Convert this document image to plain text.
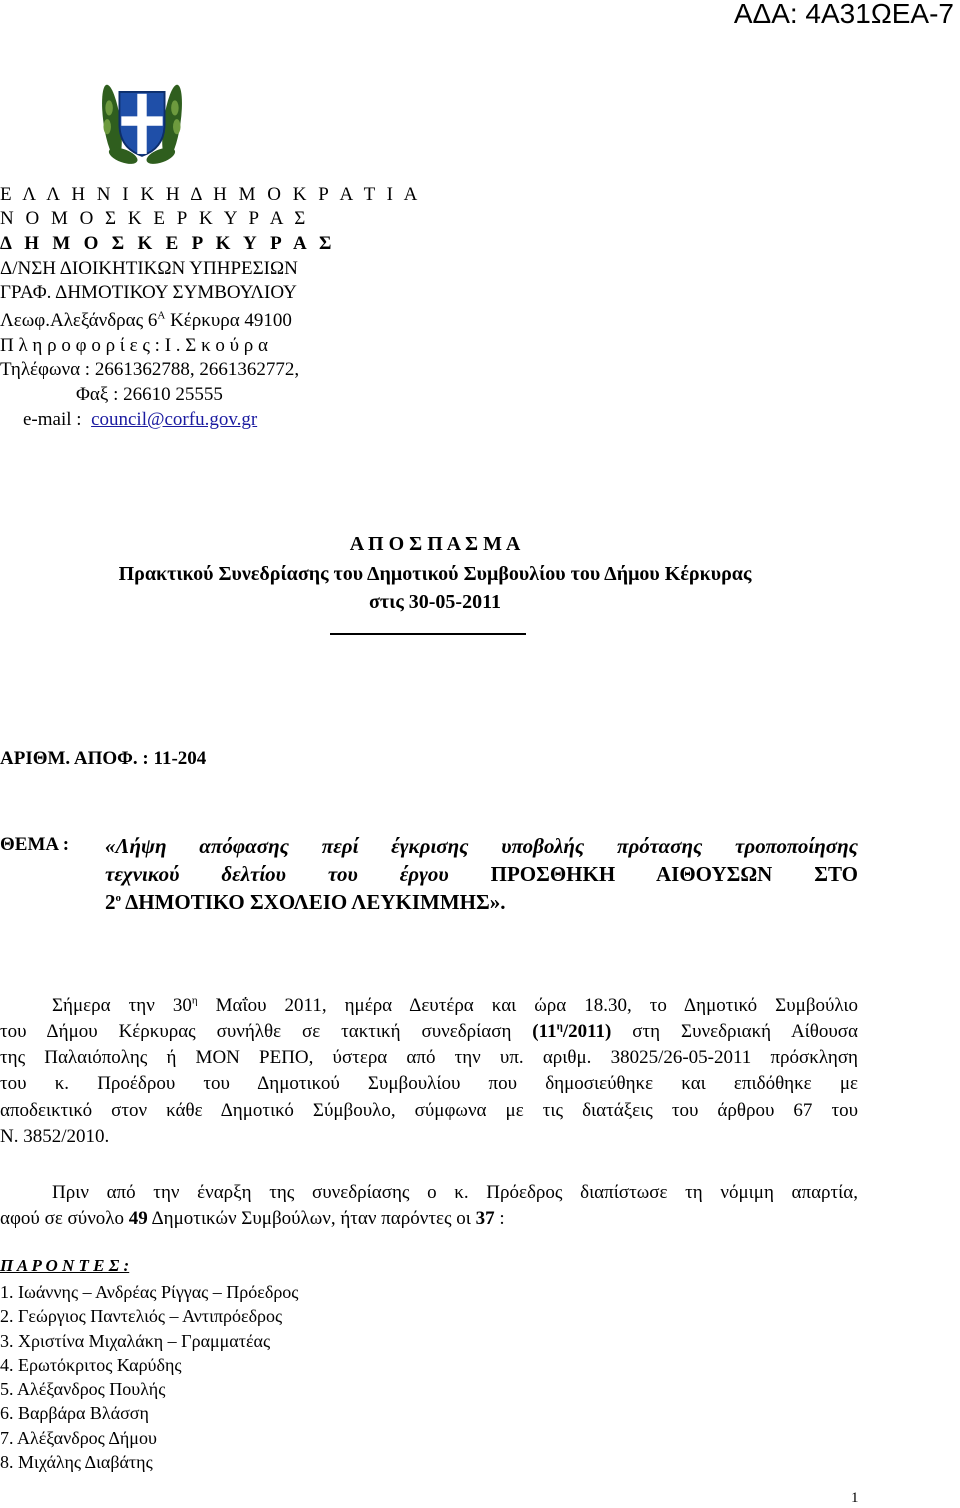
ΑΔΑ: 4Α31ΩΕΑ-7
Ε Λ Λ Η Ν Ι Κ Η Δ Η Μ Ο Κ Ρ Α Τ Ι Α
Ν Ο Μ Ο Σ Κ Ε Ρ Κ Υ Ρ Α Σ
Δ Η Μ Ο Σ Κ Ε Ρ Κ Υ Ρ Α Σ
Δ/ΝΣΗ ΔΙΟΙΚΗΤΙΚΩΝ ΥΠΗΡΕΣΙΩΝ
ΓΡΑΦ. ΔΗΜΟΤΙΚΟΥ ΣΥΜΒΟΥΛΙΟΥ
Λεωφ.Αλεξάνδρας $6^A$ Κέρκυρα 49100
Π λ η ρ ο φ ο ρ ί ε ς : Ι . Σ κ ο ύ ρ α
Τηλέφωνα : 2661362788, 2661362772,
Φαξ : 26610 25555
e-mail : council@corfu.gov.gr
Α Π Ο Σ Π Α Σ Μ Α
Πρακτικού Συνεδρίασης του Δημοτικού Συμβουλίου του Δήμου Κέρκυρας
στις 30-05-2011
ΑΡΙΘΜ. ΑΠΟΦ. : 11-204
ΘΕΜΑ : «Λήψη απόφασης περί έγκρισης υποβολής πρότασης τροποποίησης
τεχνικού δελτίου του έργου ΠΡΟΣΘΗΚΗ ΑΙΘΟΥΣΩΝ ΣΤΟ
$2^o$ ΔΗΜΟΤΙΚΟ ΣΧΟΛΕΙΟ ΛΕΥΚΙΜΜΗΣ».
Σήμερα την $30^\eta$ Μαΐου 2011, ημέρα Δευτέρα και ώρα 18.30, το Δημοτικό Συμβούλιο
του Δήμου Κέρκυρας συνήλθε σε τακτική συνεδρίαση $(11^\eta/2011)$ στη Συνεδριακή Αίθουσα
της Παλαιόπολης ή ΜΟΝ ΡΕΠΟ, ύστερα από την υπ. αριθμ. 38025/26-05-2011 πρόσκληση
του κ. Προέδρου του Δημοτικού Συμβουλίου που δημοσιεύθηκε και επιδόθηκε με
αποδεικτικό στον κάθε Δημοτικό Σύμβουλο, σύμφωνα με τις διατάξεις του άρθρου 67 του
Ν. 3852/2010.
Πριν από την έναρξη της συνεδρίασης ο κ. Πρόεδρος διαπίστωσε τη νόμιμη απαρτία,
αφού σε σύνολο 49 Δημοτικών Συμβούλων, ήταν παρόντες οι 37 :
Π Α Ρ Ο Ν Τ Ε Σ :
1. Ιωάννης – Ανδρέας Ρίγγας – Πρόεδρος
2. Γεώργιος Παντελιός – Αντιπρόεδρος
3. Χριστίνα Μιχαλάκη – Γραμματέας
4. Ερωτόκριτος Καρύδης
5. Αλέξανδρος Πουλής
6. Βαρβάρα Βλάσση
7. Αλέξανδρος Δήμου
8. Μιχάλης Διαβάτης
1
